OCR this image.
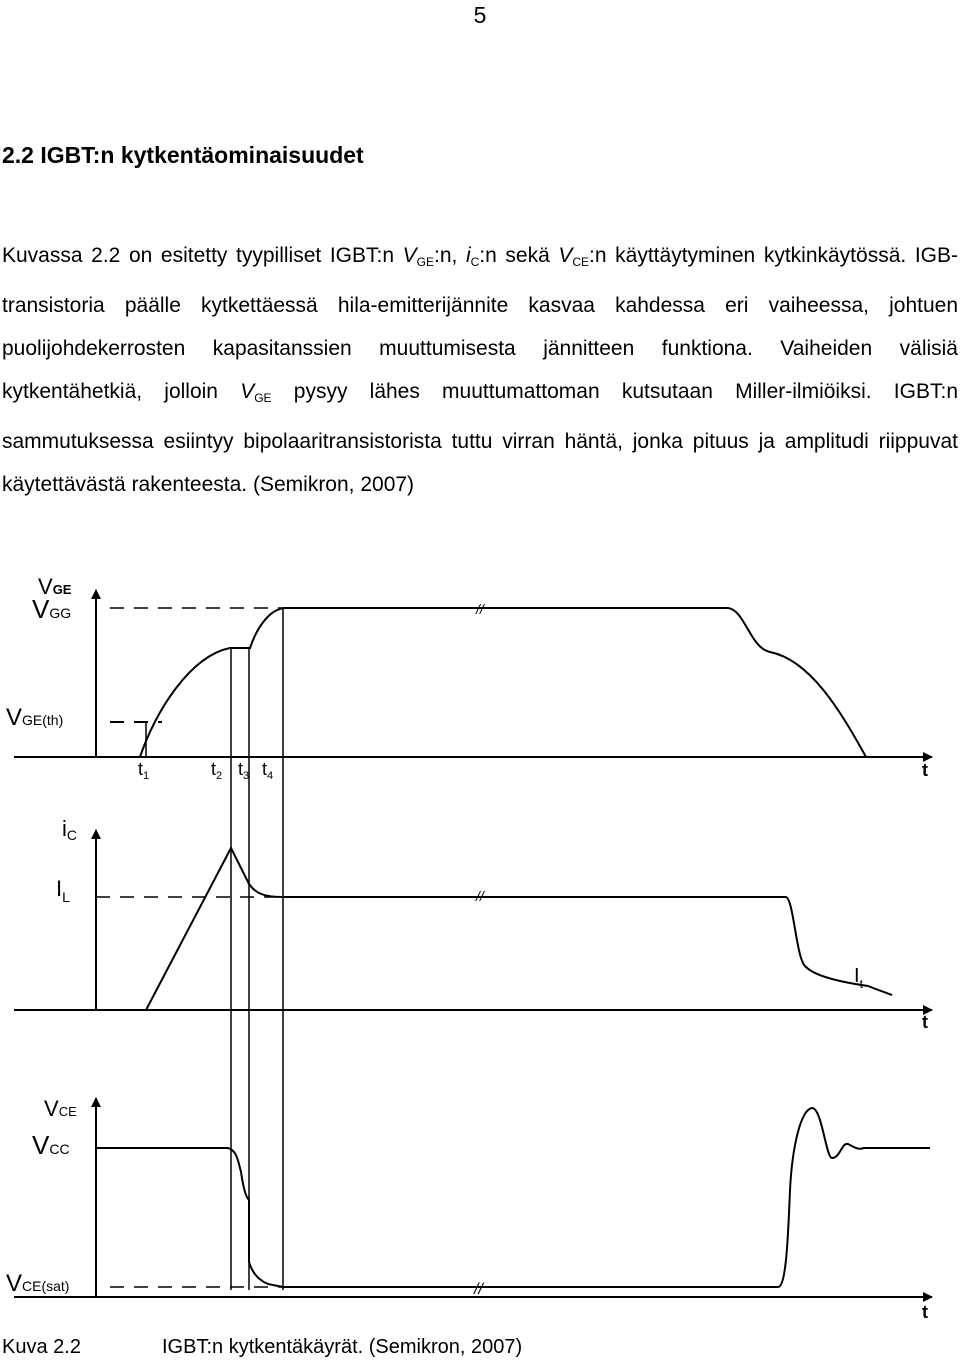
5
2.2 IGBT:n kytkentäominaisuudet

Kuvassa 2.2 on esitetty tyypilliset IGBT:n $V_{GE}:n$, $i_C:n$ sekä $V_{CE}:n$ käyttäytyminen kytkinkäytössä. IGB-transistoria päälle kytkettäessä hila-emitterijännite kasvaa kahdessa eri vaiheessa, johtuen puolijohdekerrosten kapasitanssien muuttumisesta jännitteen funktiona. Vaiheiden välisiä kytkentähetkiä, jolloin $V_{GE}$ pysyy lähes muuttumattoman kutsutaan Miller-ilmiöiksi. IGBT:n sammutuksessa esiintyy bipolaaritransistorista tuttu virran häntä, jonka pituus ja amplitudi riippuvat käytettävästä rakenteesta. (Semikron, 2007)

//
VGE
VGG
VGE(th)
t
$t_1$	$t_2$ $t_3$ $t_4$
//
iC
$I_L$
$I_t$
t
//
VCE
VCC
VCE(sat)
t
Kuva 2.2	IGBT:n kytkentäkäyrät. (Semikron, 2007)
